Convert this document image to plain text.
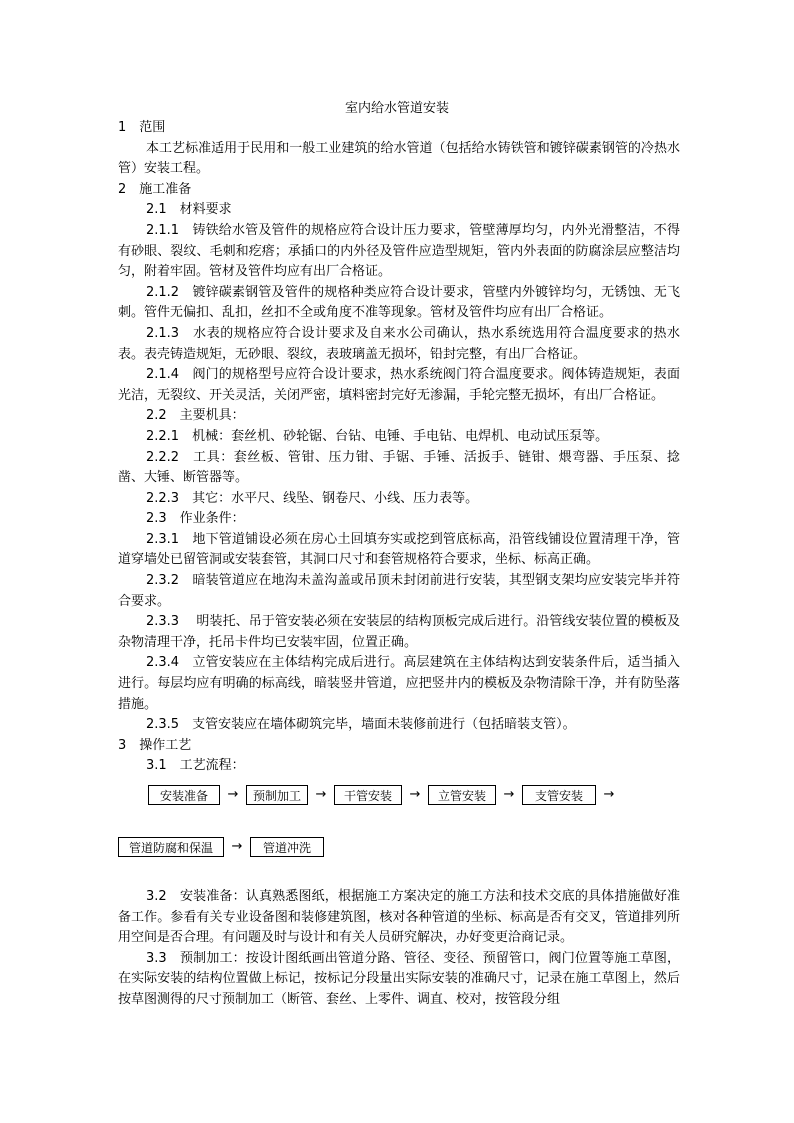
室内给水管道安装

1　范围

本工艺标准适用于民用和一般工业建筑的给水管道（包括给水铸铁管和镀锌碳素钢管的冷热水管）安装工程。

2　施工准备

2.1　材料要求

2.1.1　铸铁给水管及管件的规格应符合设计压力要求，管壁薄厚均匀，内外光滑整洁，不得有砂眼、裂纹、毛刺和疙瘩；承插口的内外径及管件应造型规矩，管内外表面的防腐涂层应整洁均匀，附着牢固。管材及管件均应有出厂合格证。

2.1.2　镀锌碳素钢管及管件的规格种类应符合设计要求，管壁内外镀锌均匀，无锈蚀、无飞刺。管件无偏扣、乱扣，丝扣不全或角度不准等现象。管材及管件均应有出厂合格证。

2.1.3　水表的规格应符合设计要求及自来水公司确认，热水系统选用符合温度要求的热水表。表壳铸造规矩，无砂眼、裂纹，表玻璃盖无损坏，铅封完整，有出厂合格证。

2.1.4　阀门的规格型号应符合设计要求，热水系统阀门符合温度要求。阀体铸造规矩，表面光洁，无裂纹、开关灵活，关闭严密，填料密封完好无渗漏，手轮完整无损坏，有出厂合格证。

2.2　主要机具：

2.2.1　机械：套丝机、砂轮锯、台钻、电锤、手电钻、电焊机、电动试压泵等。

2.2.2　工具：套丝板、管钳、压力钳、手锯、手锤、活扳手、链钳、煨弯器、手压泵、捻凿、大锤、断管器等。

2.2.3　其它：水平尺、线坠、钢卷尺、小线、压力表等。

2.3　作业条件：

2.3.1　地下管道铺设必须在房心土回填夯实或挖到管底标高，沿管线铺设位置清理干净，管道穿墙处已留管洞或安装套管，其洞口尺寸和套管规格符合要求，坐标、标高正确。

2.3.2　暗装管道应在地沟未盖沟盖或吊顶未封闭前进行安装，其型钢支架均应安装完毕并符合要求。

2.3.3　 明装托、吊于管安装必须在安装层的结构顶板完成后进行。沿管线安装位置的模板及杂物清理干净，托吊卡件均已安装牢固，位置正确。

2.3.4　立管安装应在主体结构完成后进行。高层建筑在主体结构达到安装条件后，适当插入进行。每层均应有明确的标高线，暗装竖井管道，应把竖井内的模板及杂物清除干净，并有防坠落措施。

2.3.5　支管安装应在墙体砌筑完毕，墙面未装修前进行（包括暗装支管）。

3　操作工艺

3.1　工艺流程：

安装准备	→	预制加工	→	干管安装	→	立管安装	→	支管安装	→
管道防腐和保温	→	管道冲洗

3.2　安装准备：认真熟悉图纸，根据施工方案决定的施工方法和技术交底的具体措施做好准备工作。参看有关专业设备图和装修建筑图，核对各种管道的坐标、标高是否有交叉，管道排列所用空间是否合理。有问题及时与设计和有关人员研究解决，办好变更洽商记录。

3.3　预制加工：按设计图纸画出管道分路、管径、变径、预留管口，阀门位置等施工草图，在实际安装的结构位置做上标记，按标记分段量出实际安装的准确尺寸，记录在施工草图上，然后按草图测得的尺寸预制加工（断管、套丝、上零件、调直、校对，按管段分组
